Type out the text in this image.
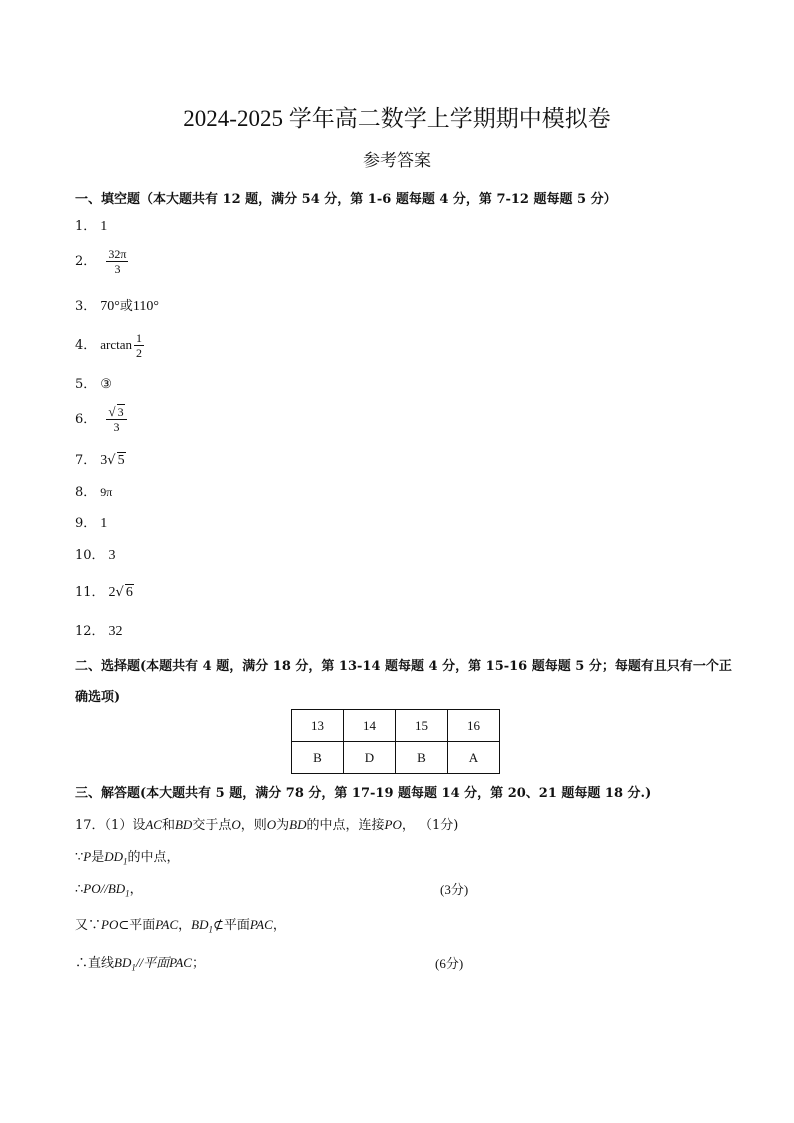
2024-2025 学年高二数学上学期期中模拟卷
参考答案
一、填空题（本大题共有 12 题，满分 54 分，第 1-6 题每题 4 分，第 7-12 题每题 5 分）
1． 1
2． $\frac{32\pi}{3}$
3． 70°或110°
4． $\arctan \frac{1}{2}$
5． ③
6． $\frac{√ 3}{3}$
7． 3√ 5
8． 9π
9． 1
10． 3
11． 2√ 6
12． 32
二、选择题(本题共有 4 题，满分 18 分，第 13-14 题每题 4 分，第 15-16 题每题 5 分；每题有且只有一个正
确选项)
13	14	15	16
B	D	B	A
三、解答题(本大题共有 5 题，满分 78 分，第 17-19 题每题 14 分，第 20、21 题每题 18 分.)
17．（1）设AC和BD交于点O，则O为BD的中点，连接PO， （1分)
∵P是$DD_1$的中点，
$\therefore PO//BD_1$，	(3分)
又∵PO⊂平面PAC，$BD_1⊄$平面PAC，
∴直线$BD_1//$平面PAC；	(6分)
